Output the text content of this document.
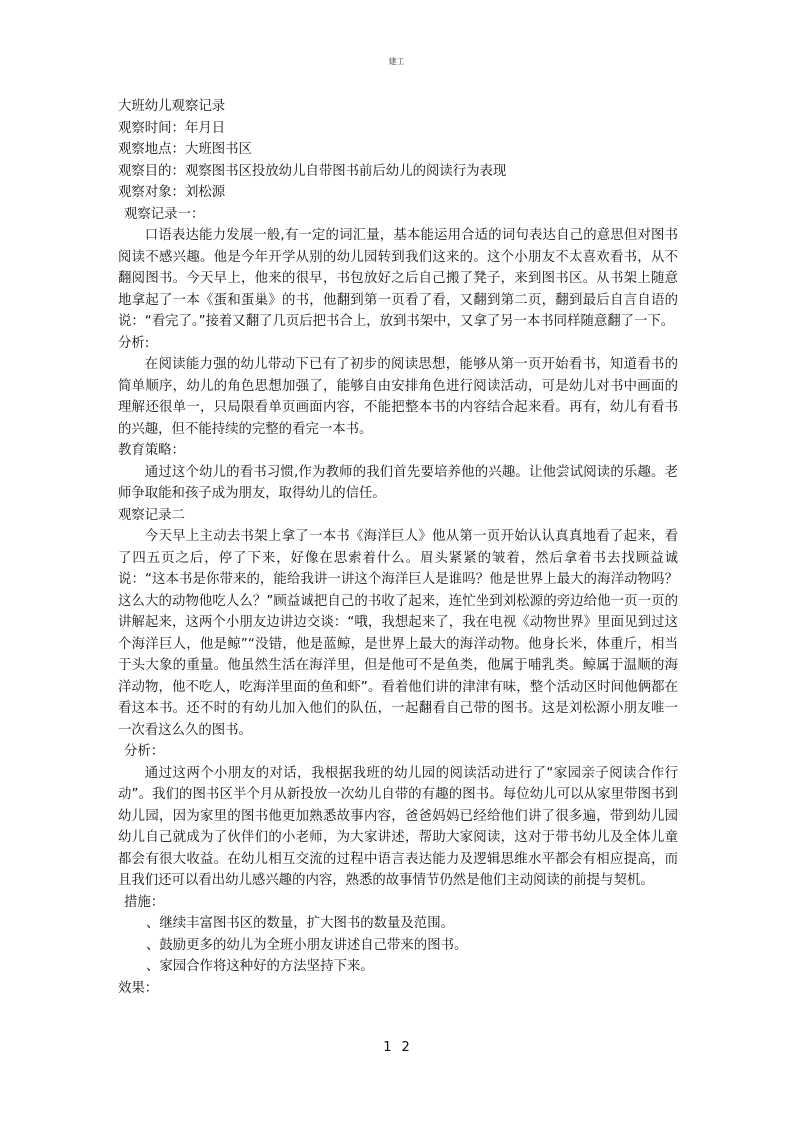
建工
大班幼儿观察记录
观察时间：年月日
观察地点：大班图书区
观察目的：观察图书区投放幼儿自带图书前后幼儿的阅读行为表现
观察对象：刘松源
观察记录一：

口语表达能力发展一般,有一定的词汇量，基本能运用合适的词句表达自己的意思但对图书阅读不感兴趣。他是今年开学从别的幼儿园转到我们这来的。这个小朋友不太喜欢看书，从不翻阅图书。今天早上，他来的很早，书包放好之后自己搬了凳子，来到图书区。从书架上随意地拿起了一本《蛋和蛋巢》的书，他翻到第一页看了看，又翻到第二页，翻到最后自言自语的说：“看完了。”接着又翻了几页后把书合上，放到书架中，又拿了另一本书同样随意翻了一下。

分析:

在阅读能力强的幼儿带动下已有了初步的阅读思想，能够从第一页开始看书，知道看书的简单顺序，幼儿的角色思想加强了，能够自由安排角色进行阅读活动，可是幼儿对书中画面的理解还很单一，只局限看单页画面内容，不能把整本书的内容结合起来看。再有，幼儿有看书的兴趣，但不能持续的完整的看完一本书。

教育策略：

通过这个幼儿的看书习惯,作为教师的我们首先要培养他的兴趣。让他尝试阅读的乐趣。老师争取能和孩子成为朋友，取得幼儿的信任。

观察记录二

今天早上主动去书架上拿了一本书《海洋巨人》他从第一页开始认认真真地看了起来，看了四五页之后，停了下来，好像在思索着什么。眉头紧紧的皱着，然后拿着书去找顾益诚说：“这本书是你带来的，能给我讲一讲这个海洋巨人是谁吗？他是世界上最大的海洋动物吗？这么大的动物他吃人么？”顾益诚把自己的书收了起来，连忙坐到刘松源的旁边给他一页一页的讲解起来，这两个小朋友边讲边交谈：“哦，我想起来了，我在电视《动物世界》里面见到过这个海洋巨人，他是鲸”“没错，他是蓝鲸，是世界上最大的海洋动物。他身长米，体重斤，相当于头大象的重量。他虽然生活在海洋里，但是他可不是鱼类，他属于哺乳类。鲸属于温顺的海洋动物，他不吃人，吃海洋里面的鱼和虾”。看着他们讲的津津有味，整个活动区时间他俩都在看这本书。还不时的有幼儿加入他们的队伍，一起翻看自己带的图书。这是刘松源小朋友唯一一次看这么久的图书。

分析：

通过这两个小朋友的对话，我根据我班的幼儿园的阅读活动进行了“家园亲子阅读合作行动”。我们的图书区半个月从新投放一次幼儿自带的有趣的图书。每位幼儿可以从家里带图书到幼儿园，因为家里的图书他更加熟悉故事内容，爸爸妈妈已经给他们讲了很多遍，带到幼儿园幼儿自己就成为了伙伴们的小老师，为大家讲述，帮助大家阅读，这对于带书幼儿及全体儿童都会有很大收益。在幼儿相互交流的过程中语言表达能力及逻辑思维水平都会有相应提高，而且我们还可以看出幼儿感兴趣的内容，熟悉的故事情节仍然是他们主动阅读的前提与契机。

措施：
、继续丰富图书区的数量，扩大图书的数量及范围。
、鼓励更多的幼儿为全班小朋友讲述自己带来的图书。
、家园合作将这种好的方法坚持下来。
效果：
1 2
